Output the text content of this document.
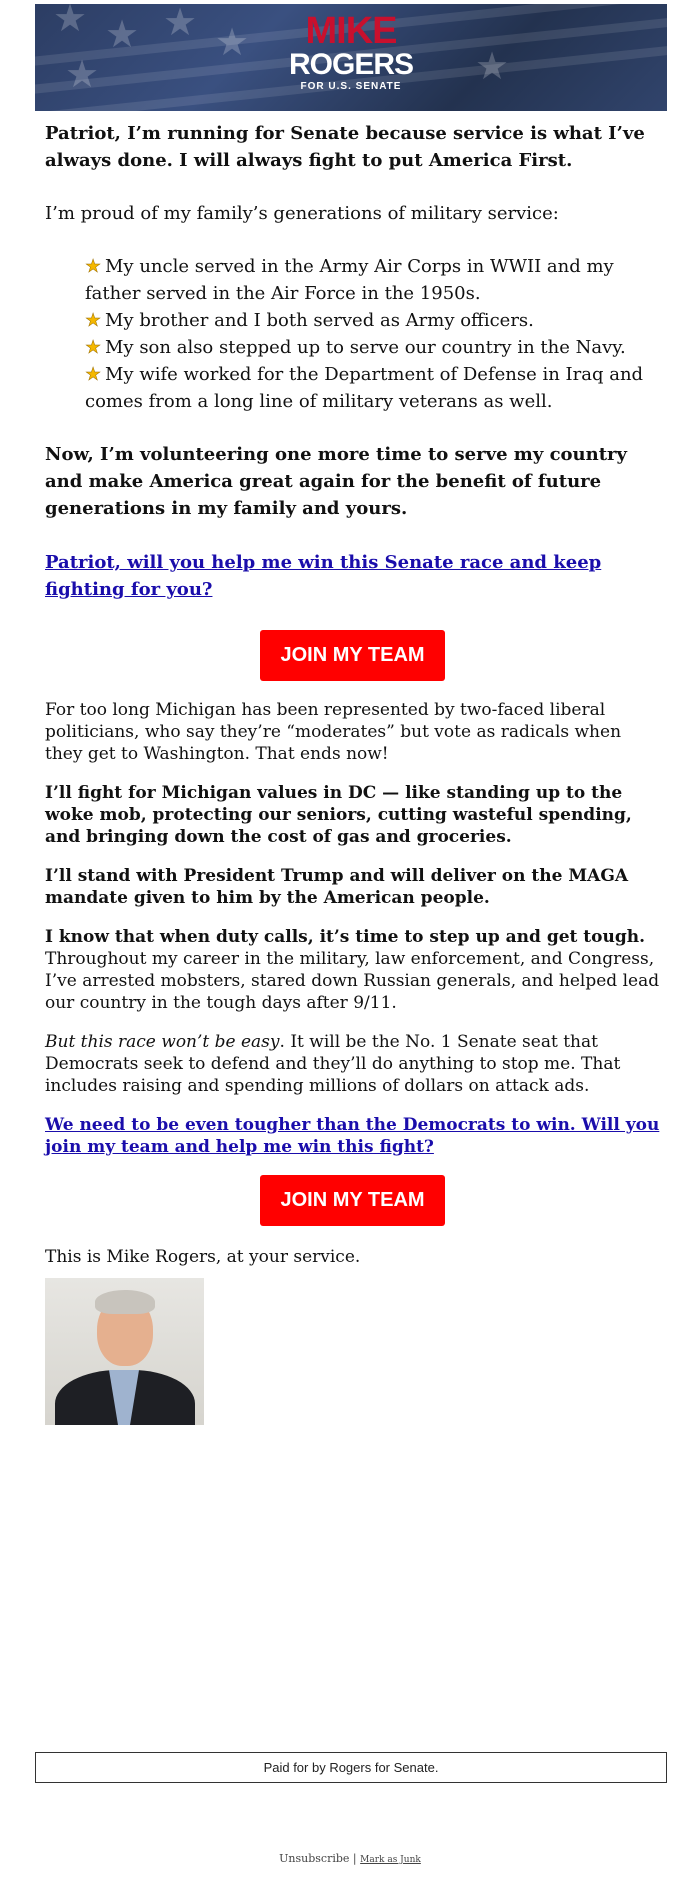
★ ★ ★ ★
★	★
MIKE
ROGERS
FOR U.S. SENATE

Patriot, I’m running for Senate because service is what I’ve always done. I will always fight to put America First.

I’m proud of my family’s generations of military service:

★ My uncle served in the Army Air Corps in WWII and my father served in the Air Force in the 1950s.
★ My brother and I both served as Army officers.
★ My son also stepped up to serve our country in the Navy.
★ My wife worked for the Department of Defense in Iraq and comes from a long line of military veterans as well.

Now, I’m volunteering one more time to serve my country and make America great again for the benefit of future generations in my family and yours.

Patriot, will you help me win this Senate race and keep fighting for you?

JOIN MY TEAM

For too long Michigan has been represented by two-faced liberal politicians, who say they’re “moderates” but vote as radicals when they get to Washington. That ends now!

I’ll fight for Michigan values in DC — like standing up to the woke mob, protecting our seniors, cutting wasteful spending, and bringing down the cost of gas and groceries.

I’ll stand with President Trump and will deliver on the MAGA mandate given to him by the American people.

I know that when duty calls, it’s time to step up and get tough. Throughout my career in the military, law enforcement, and Congress, I’ve arrested mobsters, stared down Russian generals, and helped lead our country in the tough days after 9/11.

But this race won’t be easy. It will be the No. 1 Senate seat that Democrats seek to defend and they’ll do anything to stop me. That includes raising and spending millions of dollars on attack ads.

We need to be even tougher than the Democrats to win. Will you join my team and help me win this fight?

JOIN MY TEAM

This is Mike Rogers, at your service.

Paid for by Rogers for Senate.
Unsubscribe | Mark as Junk
